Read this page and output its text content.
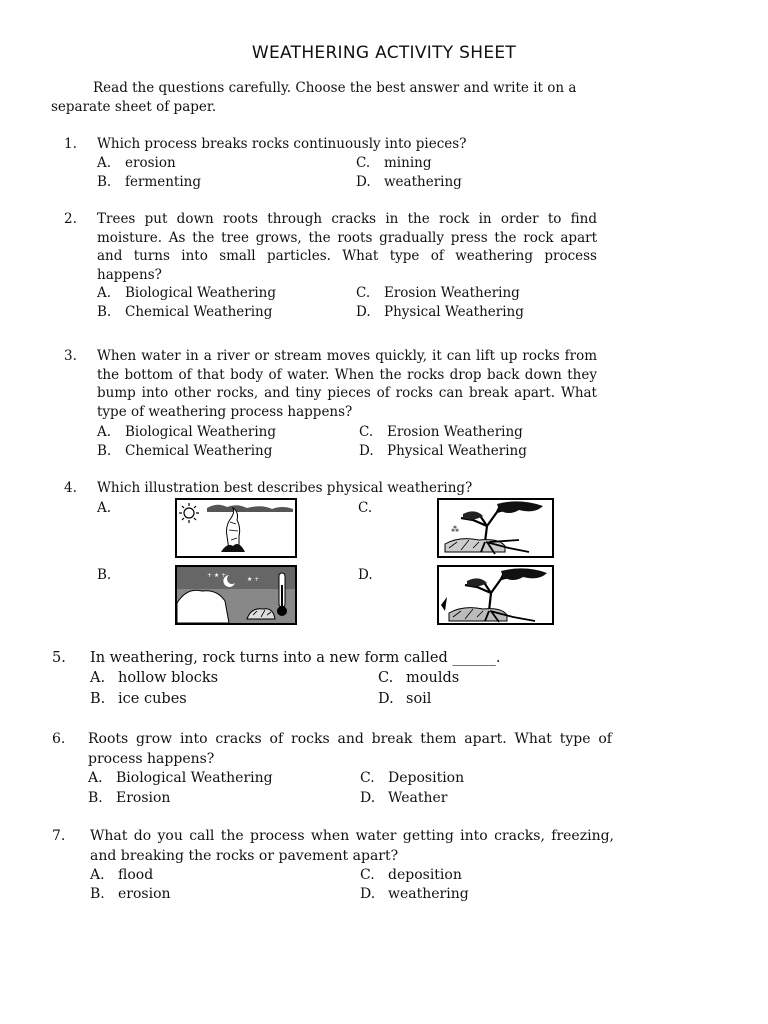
WEATHERING ACTIVITY SHEET
Read the questions carefully. Choose the best answer and write it on a separate sheet of paper.
1. Which process breaks rocks continuously into pieces?
A. erosion
B. fermenting
C. mining
D. weathering
2. Trees put down roots through cracks in the rock in order to find moisture. As the tree grows, the roots gradually press the rock apart and turns into small particles. What type of weathering process happens?
A. Biological Weathering
B. Chemical Weathering
C. Erosion Weathering
D. Physical Weathering
3. When water in a river or stream moves quickly, it can lift up rocks from the bottom of that body of water. When the rocks drop back down they bump into other rocks, and tiny pieces of rocks can break apart. What type of weathering process happens?
A. Biological Weathering
B. Chemical Weathering
C. Erosion Weathering
D. Physical Weathering
4. Which illustration best describes physical weathering?
A.
B.
C.
D.
+ ★ +
★ +
⁂
5. In weathering, rock turns into a new form called ______.
A. hollow blocks
B. ice cubes
C. moulds
D. soil
6. Roots grow into cracks of rocks and break them apart. What type of process happens?
A. Biological Weathering
B. Erosion
C. Deposition
D. Weather
7. What do you call the process when water getting into cracks, freezing, and breaking the rocks or pavement apart?
A. flood
B. erosion
C. deposition
D. weathering
